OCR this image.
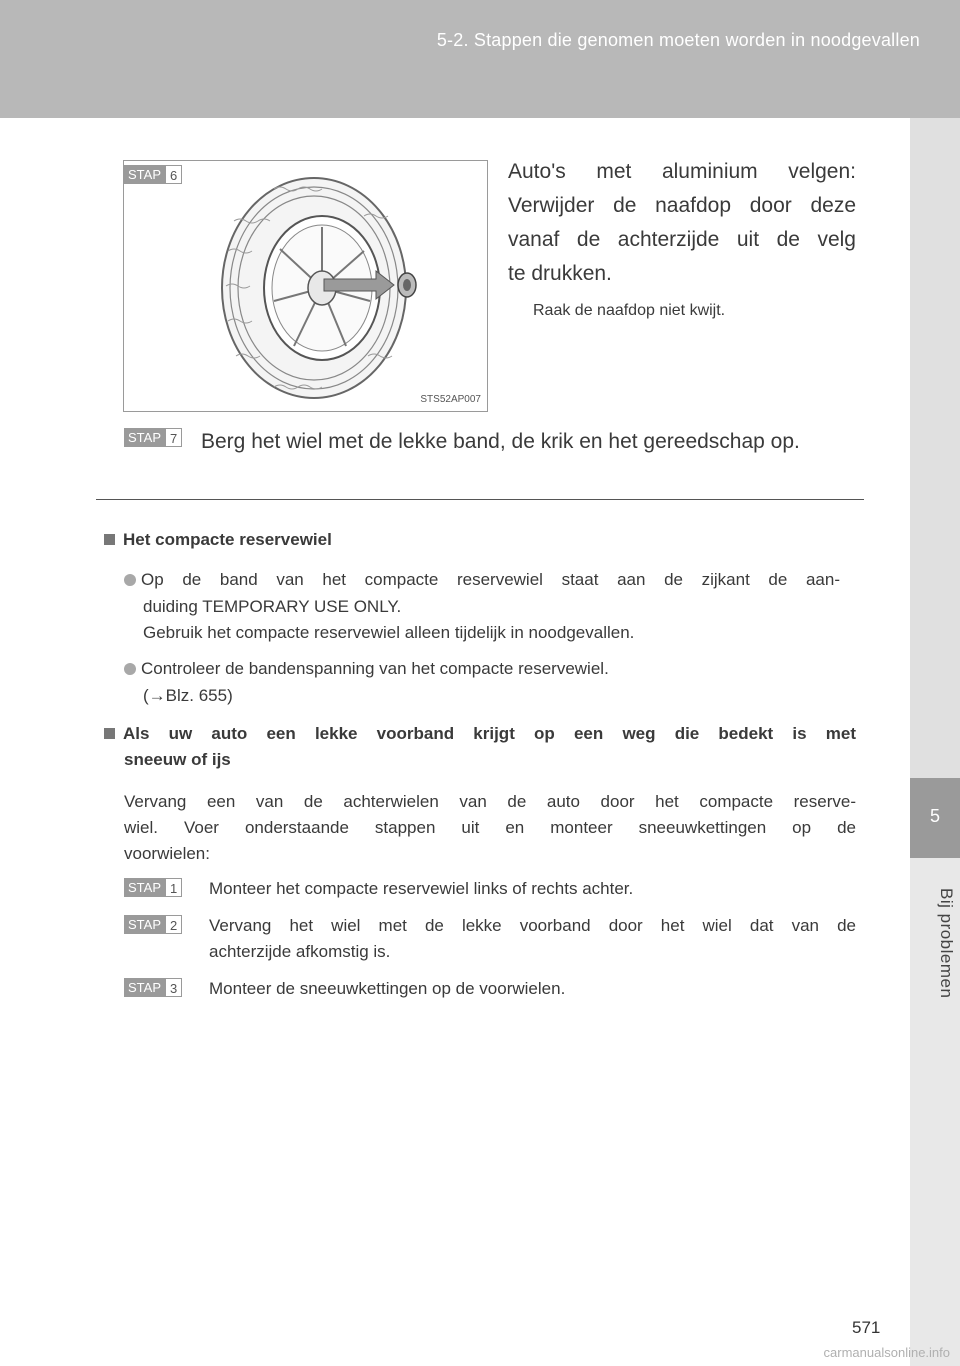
5-2. Stappen die genomen moeten worden in noodgevallen
5
Bij problemen
STAP 6
STS52AP007
Auto's met aluminium velgen:
Verwijder de naafdop door deze
vanaf de achterzijde uit de velg
te drukken.
Raak de naafdop niet kwijt.
STAP 7 Berg het wiel met de lekke band, de krik en het gereedschap op.
Het compacte reservewiel
Op de band van het compacte reservewiel staat aan de zijkant de aan-
duiding TEMPORARY USE ONLY.
Gebruik het compacte reservewiel alleen tijdelijk in noodgevallen.
Controleer de bandenspanning van het compacte reservewiel.
(→Blz. 655)
Als uw auto een lekke voorband krijgt op een weg die bedekt is met
sneeuw of ijs
Vervang een van de achterwielen van de auto door het compacte reserve-
wiel. Voer onderstaande stappen uit en monteer sneeuwkettingen op de
voorwielen:
STAP 1 Monteer het compacte reservewiel links of rechts achter.
STAP 2 Vervang het wiel met de lekke voorband door het wiel dat van de
achterzijde afkomstig is.
STAP 3 Monteer de sneeuwkettingen op de voorwielen.
571
carmanualsonline.info
